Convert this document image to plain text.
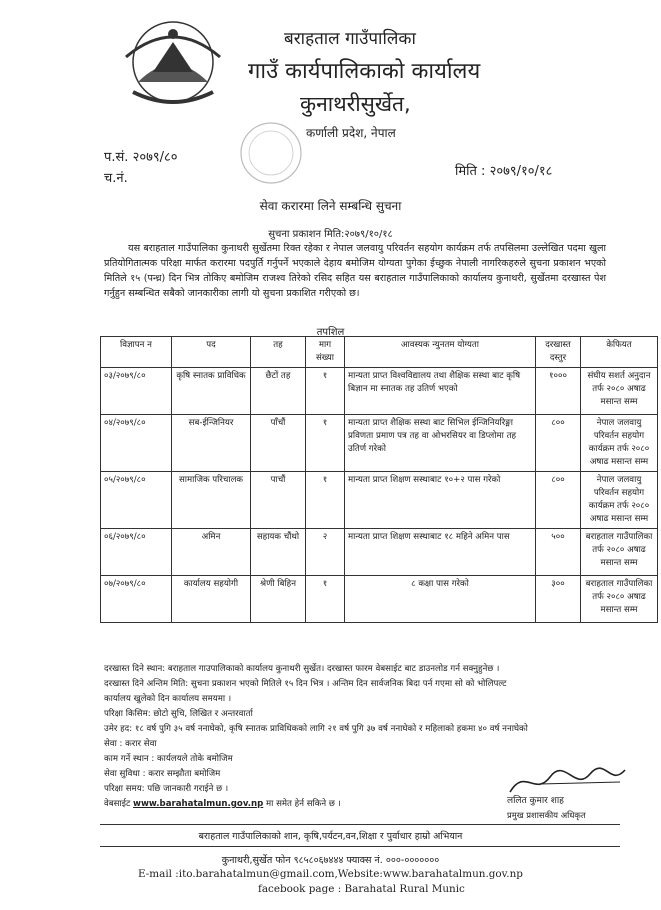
बराहताल गाउँपालिका
गाउँ कार्यपालिकाको कार्यालय
कुनाथरीसुर्खेत,
कर्णाली प्रदेश, नेपाल
प.सं. २०७९/८०
च.नं.	मिति : २०७९/१०/१८
सेवा करारमा लिने सम्बन्धि सुचना
सुचना प्रकाशन मिति:२०७९/१०/१८
यस बराहताल गाउँपालिका कुनाथरी सुर्खेतमा रिक्त रहेका र नेपाल जलवायु परिवर्तन सहयोग कार्यक्रम तर्फ तपसिलमा उल्लेखित पदमा खुला प्रतियोगितात्मक परिक्षा मार्फत करारमा पदपुर्ति गर्नुपर्ने भएकाले देहाय बमोजिम योग्यता पुगेका ईच्छुक नेपाली नागरिकहरुले सुचना प्रकाशन भएको मितिले १५ (पन्ध्र) दिन भित्र तोकिए बमोजिम राजश्व तिरेको रसिद सहित यस बराहताल गाउँपालिकाको कार्यालय कुनाथरी, सुर्खेतमा दरखास्त पेश गर्नुहुन सम्बन्धित सबैको जानकारीका लागी यो सुचना प्रकाशित गरीएको छ।
तपशिल
विज्ञापन न	पद	तह	माग संख्या	आवस्यक न्युनतम योग्यता	दरखास्त दस्तुर	केफियत
०३/२०७९/८०	कृषि स्नातक प्राविधिक	छैटों तह	१	मान्यता प्राप्त विश्वविद्यालय तथा शैक्षिक सस्था बाट कृषि बिज्ञान मा स्नातक तह उतिर्ण भएको	१०००	संघीय सशर्त अनुदान तर्फ २०८० अषाढ मसान्त सम्म
०४/२०७९/८०	सब-ईन्जिनियर	पाँचौं	१	मान्यता प्राप्त शैक्षिक सस्था बाट सिभिल ईन्जिनियरिङ्मा प्रविणता प्रमाण पत्र तह वा ओभरसियर वा डिप्लोमा तह उतिर्ण गरेको	८००	नेपाल जलवायु परिवर्तन सहयोग कार्यक्रम तर्फ २०८० अषाढ मसान्त सम्म
०५/२०७९/८०	सामाजिक परिचालक	पाचौं	१	मान्यता प्राप्त शिक्षण सस्थाबाट १०+२ पास गरेको	८००	नेपाल जलवायु परिवर्तन सहयोग कार्यक्रम तर्फ २०८० अषाढ मसान्त सम्म
०६/२०७९/८०	अमिन	सहायक चौंथो	२	मान्यता प्राप्त शिक्षण सस्थाबाट १८ महिने अमिन पास	५००	बराहताल गाउँपालिका तर्फ २०८० अषाढ मसान्त सम्म
०७/२०७९/८०	कार्यालय सहयोगी	श्रेणी बिहिन	१	८ कक्षा पास गरेको	३००	बराहताल गाउँपालिका तर्फ २०८० अषाढ मसान्त सम्म
दरखास्त दिने स्थान: बराहताल गाउपालिकाको कार्यालय कुनाथरी सुर्खेत। दरखास्त फारम वेबसाईट बाट डाउनलोड गर्न सक्नुहुनेछ ।
दरखास्त दिने अन्तिम मिति: सुचना प्रकाशन भएको मितिले १५ दिन भित्र । अन्तिम दिन सार्वजनिक बिदा पर्न गएमा सो को भोलिपल्ट
कार्यालय खुलेको दिन कार्यालय समयमा ।
परिक्षा किसिम: छोटो सुचि, लिखित र अन्तरवार्ता
उमेर हद: १८ वर्ष पुगि ३५ वर्ष ननाघेको, कृषि स्नातक प्राविधिकको लागि २१ वर्ष पुगि ३७ वर्ष ननाघेको र महिलाको हकमा ४० वर्ष ननाघेको
सेवा : करार सेवा
काम गर्ने स्थान : कार्यलयले तोके बमोजिम
सेवा सुविधा : करार सम्झौता बमोजिम
परिक्षा समय: पछि जानकारी गराईने छ ।
वेबसाईट www.barahatalmun.gov.np मा समेत हेर्न सकिने छ ।	ललित कुमार शाह
प्रमुख प्रशासकीय अधिकृत
बराहताल गाउँपालिकाको शान, कृषि,पर्यटन,वन,शिक्षा र पुर्वाधार हाम्रो अभियान
कुनाथरी,सुर्खेत फोन ९८५८०६७४४४ फ्याक्स नं. ०००-०००००००
E-mail :ito.barahatalmun@gmail.com,Website:www.barahatalmun.gov.np
facebook page : Barahatal Rural Munic
